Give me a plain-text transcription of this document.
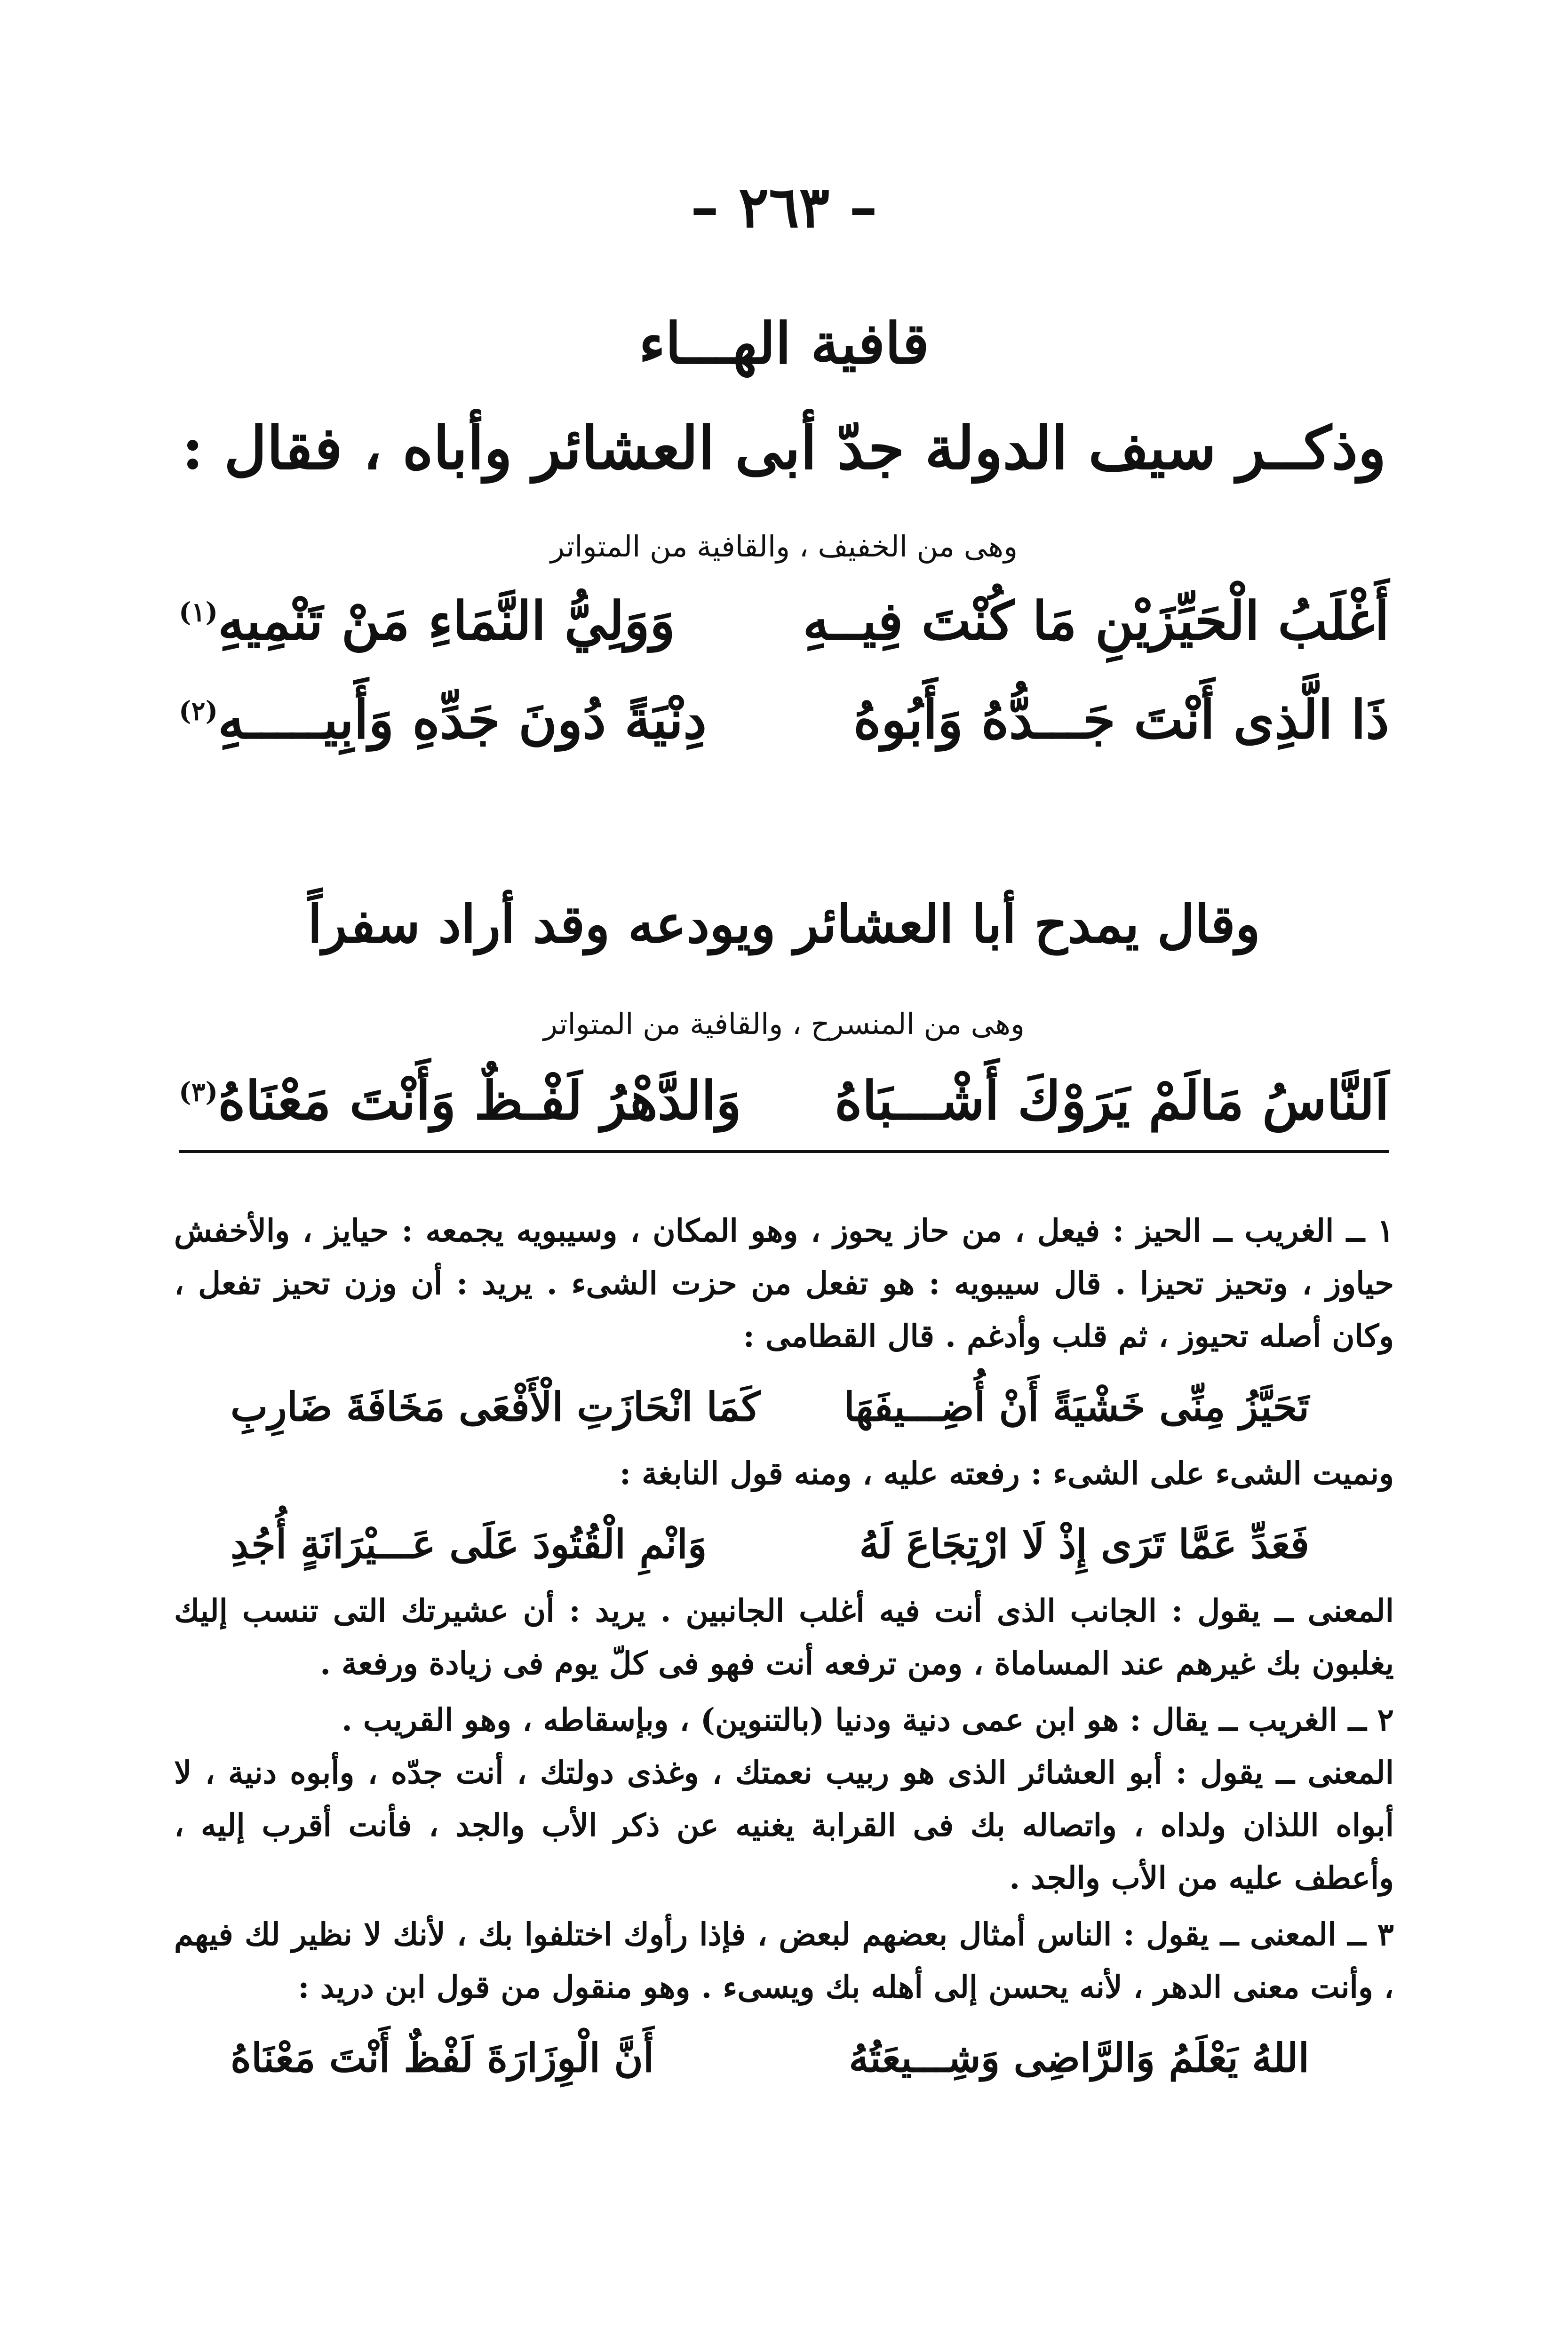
– ٢٦٣ –
قافية الهـــاء
وذكــر سيف الدولة جدّ أبى العشائر وأباه ، فقال :
وهى من الخفيف ، والقافية من المتواتر
أَغْلَبُ الْحَيِّزَيْنِ مَا كُنْتَ فِيــهِ
وَوَلِيُّ النَّمَاءِ مَنْ تَنْمِيهِ$^{(١)}$
ذَا الَّذِى أَنْتَ جَـــدُّهُ وَأَبُوهُ
دِنْيَةً دُونَ جَدِّهِ وَأَبِيـــــهِ$^{(٢)}$
وقال يمدح أبا العشائر ويودعه وقد أراد سفراً
وهى من المنسرح ، والقافية من المتواتر
اَلنَّاسُ مَالَمْ يَرَوْكَ أَشْـــبَاهُ
وَالدَّهْرُ لَفْـظٌ وَأَنْتَ مَعْنَاهُ$^{(٣)}$

١ ــ الغريب ــ الحيز : فيعل ، من حاز يحوز ، وهو المكان ، وسيبويه يجمعه : حيايز ، والأخفش حياوز ، وتحيز تحيزا . قال سيبويه : هو تفعل من حزت الشىء . يريد : أن وزن تحيز تفعل ، وكان أصله تحيوز ، ثم قلب وأدغم . قال القطامى :

تَحَيَّزُ مِنِّى خَشْيَةً أَنْ أُضِـــيفَهَا
كَمَا انْحَازَتِ الْأَفْعَى مَخَافَةَ ضَارِبِ

ونميت الشىء على الشىء : رفعته عليه ، ومنه قول النابغة :

فَعَدِّ عَمَّا تَرَى إِذْ لَا ارْتِجَاعَ لَهُ
وَانْمِ الْقُتُودَ عَلَى عَـــيْرَانَةٍ أُجُدِ

المعنى ــ يقول : الجانب الذى أنت فيه أغلب الجانبين . يريد : أن عشيرتك التى تنسب إليك يغلبون بك غيرهم عند المساماة ، ومن ترفعه أنت فهو فى كلّ يوم فى زيادة ورفعة .

٢ ــ الغريب ــ يقال : هو ابن عمى دنية ودنيا (بالتنوين) ، وبإسقاطه ، وهو القريب .

المعنى ــ يقول : أبو العشائر الذى هو ربيب نعمتك ، وغذى دولتك ، أنت جدّه ، وأبوه دنية ، لا أبواه اللذان ولداه ، واتصاله بك فى القرابة يغنيه عن ذكر الأب والجد ، فأنت أقرب إليه ، وأعطف عليه من الأب والجد .

٣ ــ المعنى ــ يقول : الناس أمثال بعضهم لبعض ، فإذا رأوك اختلفوا بك ، لأنك لا نظير لك فيهم ، وأنت معنى الدهر ، لأنه يحسن إلى أهله بك ويسىء . وهو منقول من قول ابن دريد :

اللهُ يَعْلَمُ وَالرَّاضِى وَشِـــيعَتُهُ
أَنَّ الْوِزَارَةَ لَفْظٌ أَنْتَ مَعْنَاهُ
